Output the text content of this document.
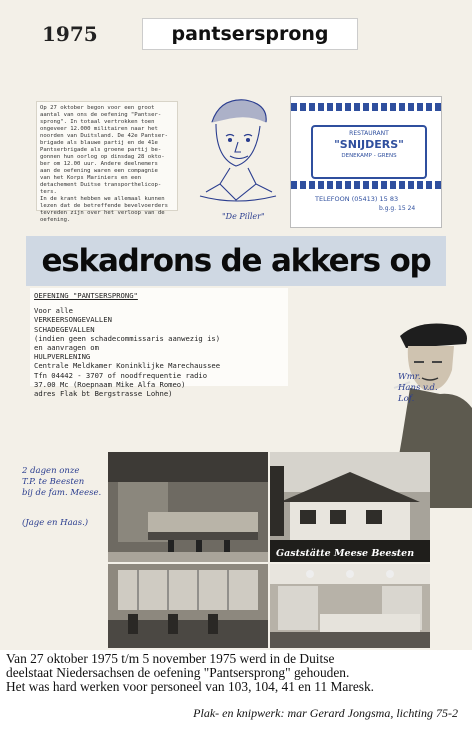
1975	pantsersprong
Op 27 oktober begon voor een groot
aantal van ons de oefening "Pantser-
sprong". In totaal vertrokken toen
ongeveer 12.000 militairen naar het
noorden van Duitsland. De 42e Pantser-
brigade als blauwe partij en de 41e
Pantserbrigade als groene partij be-
gonnen hun oorlog op dinsdag 28 okto-
ber om 12.00 uur. Andere deelnemers
aan de oefening waren een compagnie
van het Korps Mariniers en een
detachement Duitse transporthelicop-
ters.
In de krant hebben we allemaal kunnen
lezen dat de betreffende bevelvoerders
tevreden zijn over het verloop van de
oefening.	"De Piller"
RESTAURANT
"SNIJDERS"
DENEKAMP - GRENS
TELEFOON (05413) 15 83
b.g.g. 15 24
eskadrons de akkers op
OEFENING "PANTSERSPRONG"
Voor alle
VERKEERSONGEVALLEN
SCHADEGEVALLEN
(indien geen schadecommissaris aanwezig is)
en aanvragen om
HULPVERLENING
Centrale Meldkamer Koninklijke Marechaussee
Tfn 04442 - 3707 of noodfrequentie radio
37.00 Mc (Roepnaam Mike Alfa Romeo)
adres Flak bt Bergstrasse Lohne)
Wmr.
Hans v.d.
Lof.
2 dagen onze
T.P. te Beesten
bij de fam. Meese.
(Jage en Haas.)
Gaststätte Meese Beesten
Van 27 oktober 1975 t/m 5 november 1975 werd in de Duitse
deelstaat Niedersachsen de oefening "Pantsersprong" gehouden.
Het was hard werken voor personeel van 103, 104, 41 en 11 Maresk.
Plak- en knipwerk: mar Gerard Jongsma, lichting 75-2
